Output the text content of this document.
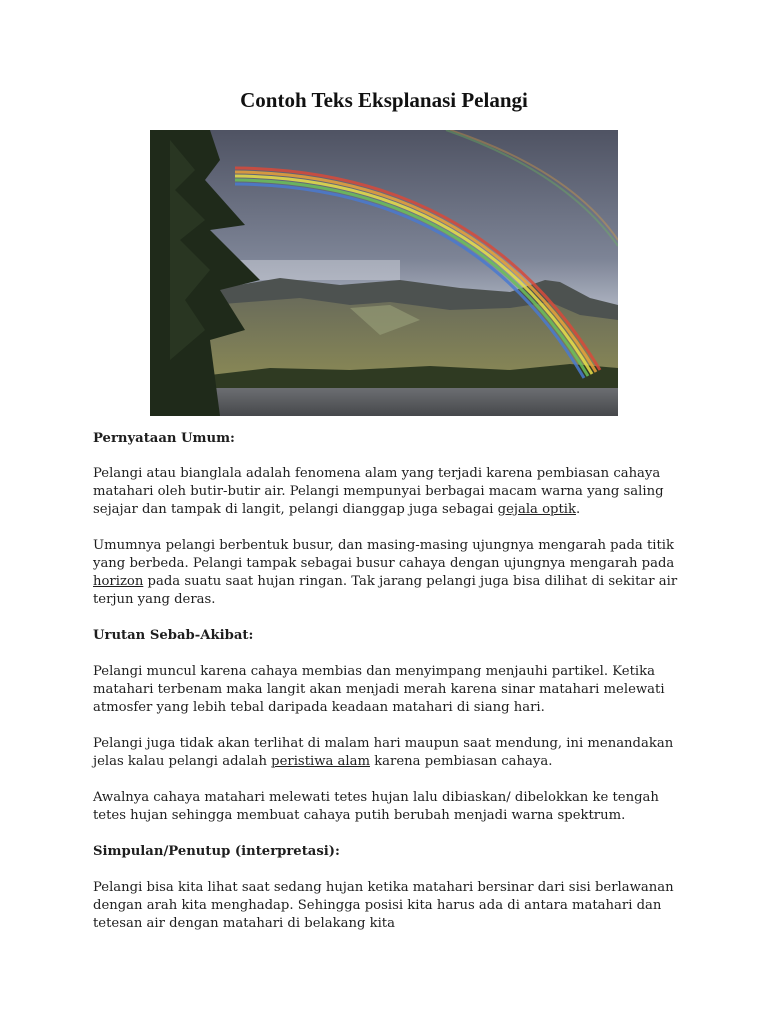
Contoh Teks Eksplanasi Pelangi

Pernyataan Umum:

Pelangi atau bianglala adalah fenomena alam yang terjadi karena pembiasan cahaya matahari oleh butir-butir air. Pelangi mempunyai berbagai macam warna yang saling sejajar dan tampak di langit, pelangi dianggap juga sebagai gejala optik.

Umumnya pelangi berbentuk busur, dan masing-masing ujungnya mengarah pada titik yang berbeda. Pelangi tampak sebagai busur cahaya dengan ujungnya mengarah pada horizon pada suatu saat hujan ringan. Tak jarang pelangi juga bisa dilihat di sekitar air terjun yang deras.

Urutan Sebab-Akibat:

Pelangi muncul karena cahaya membias dan menyimpang menjauhi partikel. Ketika matahari terbenam maka langit akan menjadi merah karena sinar matahari melewati atmosfer yang lebih tebal daripada keadaan matahari di siang hari.

Pelangi juga tidak akan terlihat di malam hari maupun saat mendung, ini menandakan jelas kalau pelangi adalah peristiwa alam karena pembiasan cahaya.

Awalnya cahaya matahari melewati tetes hujan lalu dibiaskan/ dibelokkan ke tengah tetes hujan sehingga membuat cahaya putih berubah menjadi warna spektrum.

Simpulan/Penutup (interpretasi):

Pelangi bisa kita lihat saat sedang hujan ketika matahari bersinar dari sisi berlawanan dengan arah kita menghadap. Sehingga posisi kita harus ada di antara matahari dan tetesan air dengan matahari di belakang kita
